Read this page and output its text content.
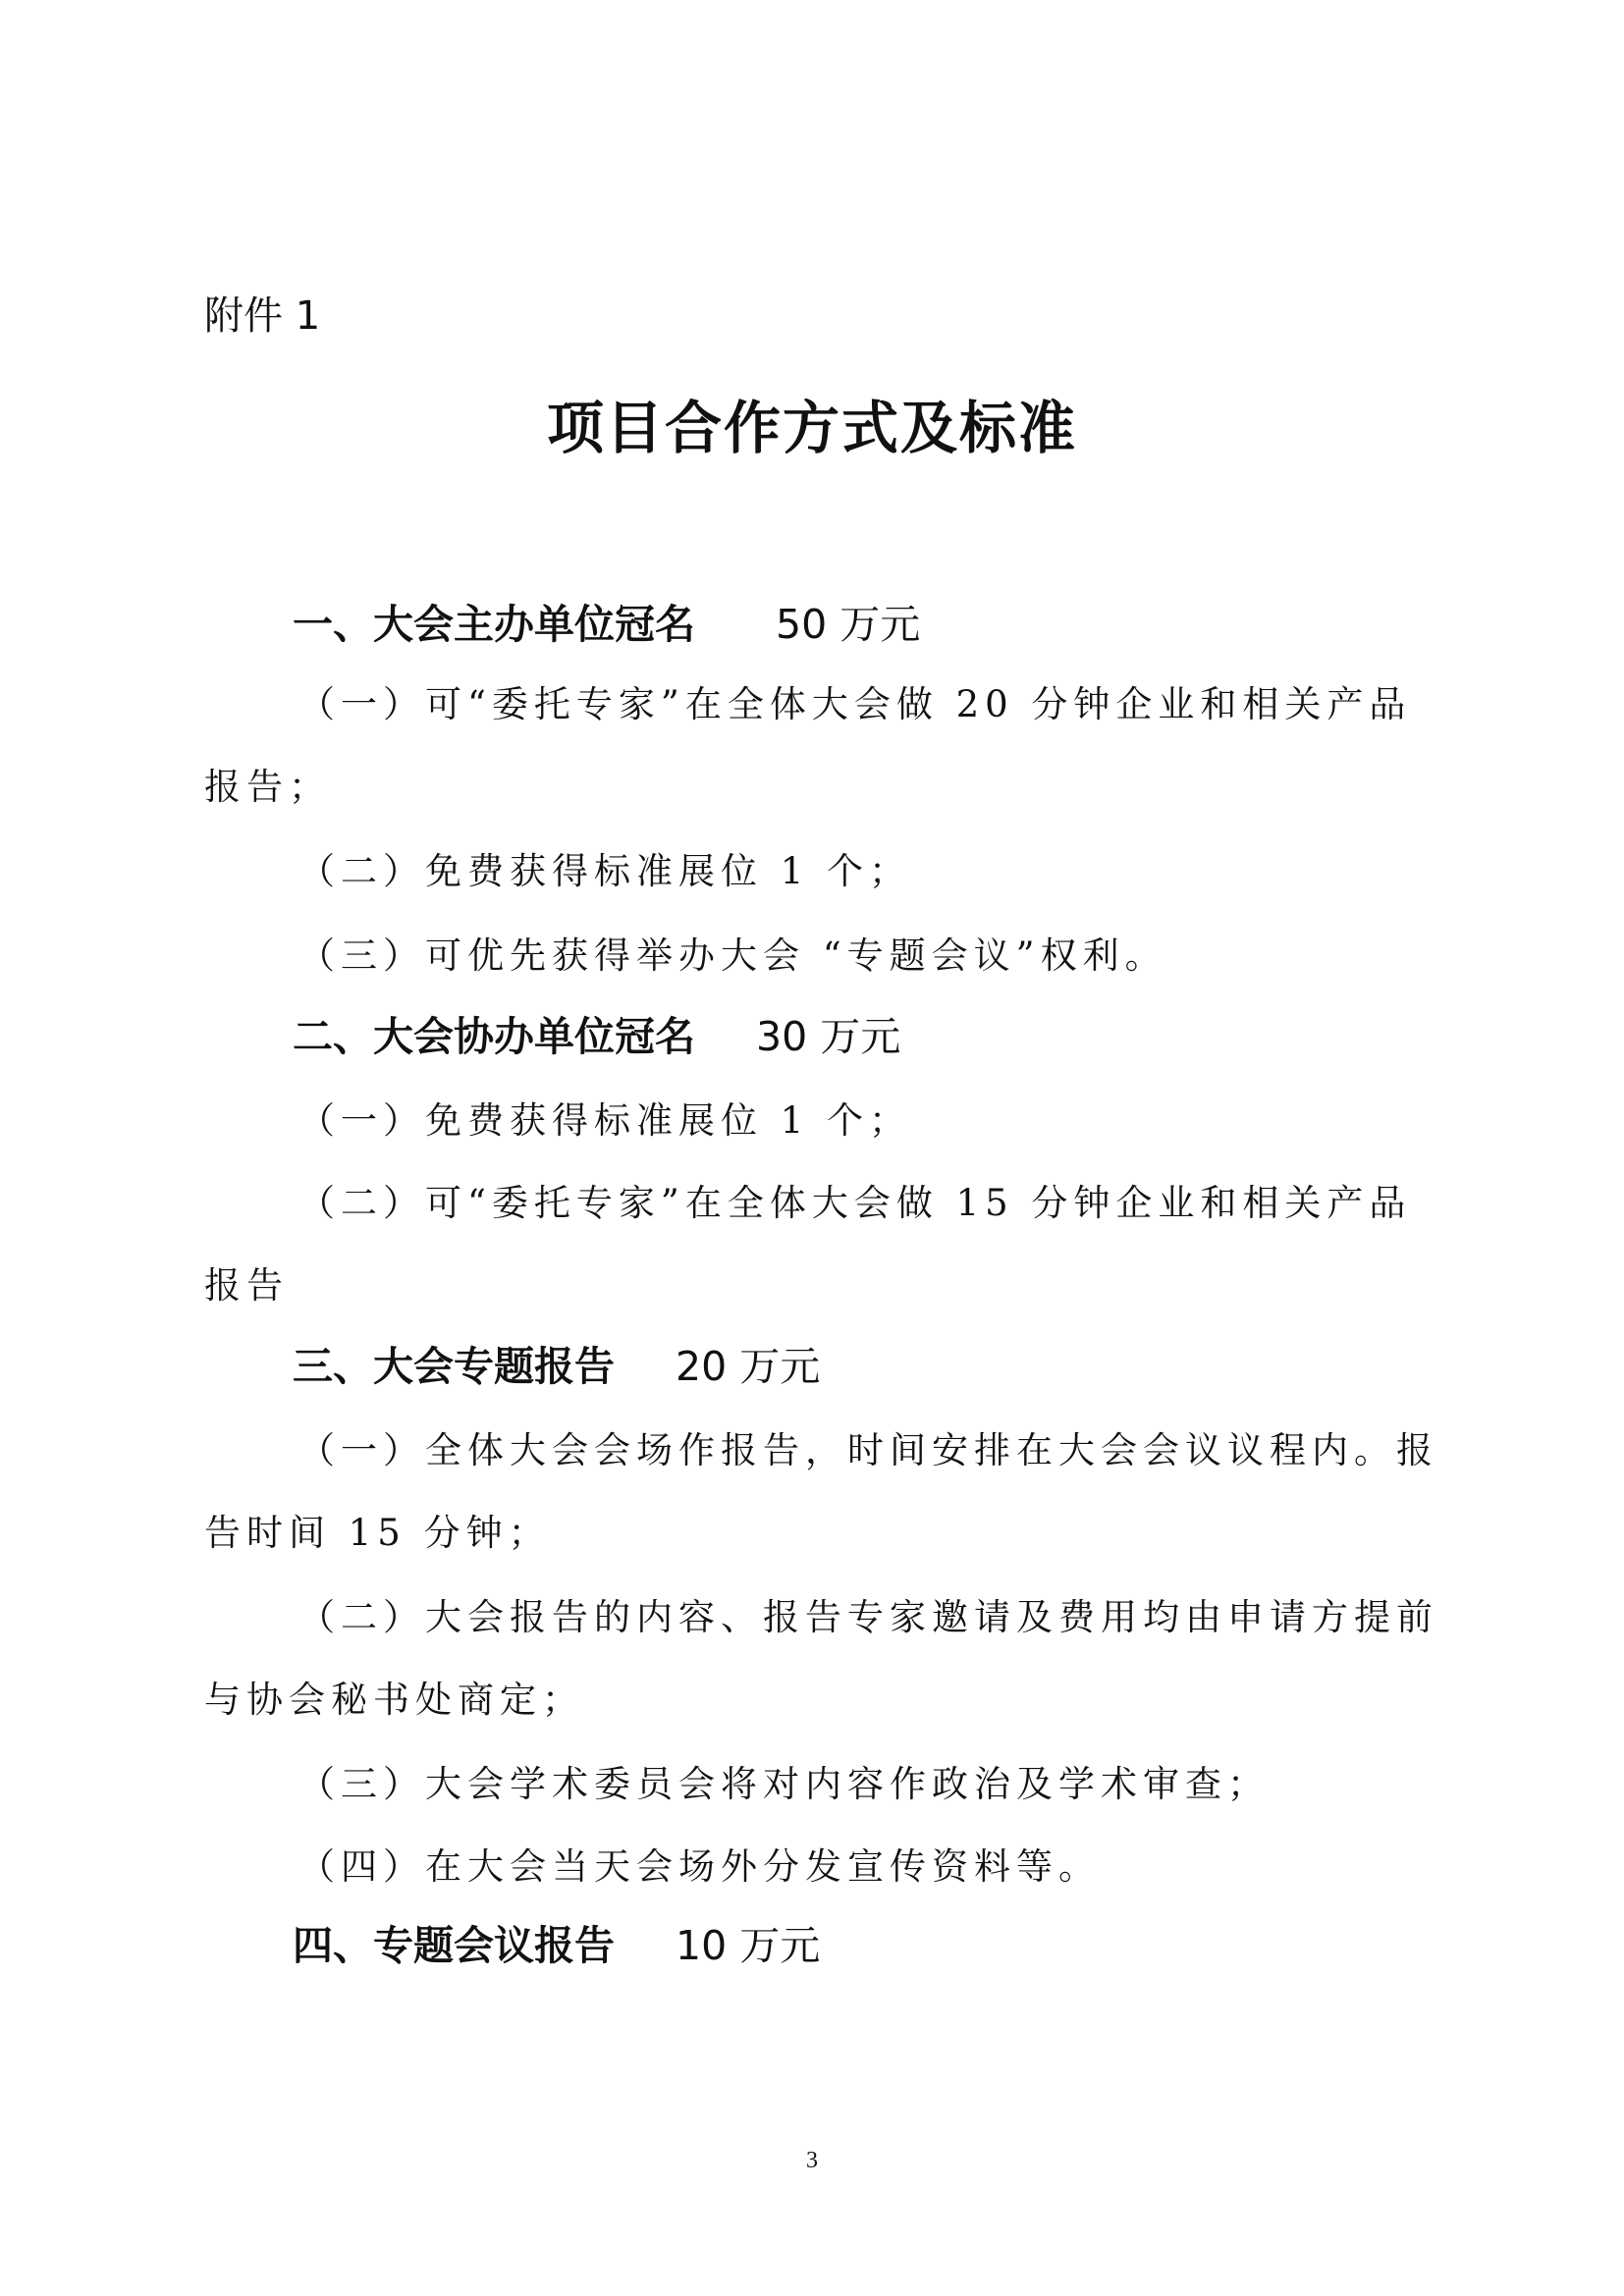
附件 1
项目合作方式及标准
一、大会主办单位冠名 50 万元
（一）可“委托专家”在全体大会做 20 分钟企业和相关产品报告；
（二）免费获得标准展位 1 个；
（三）可优先获得举办大会 “专题会议”权利。
二、大会协办单位冠名 30 万元
（一）免费获得标准展位 1 个；
（二）可“委托专家”在全体大会做 15 分钟企业和相关产品报告
三、大会专题报告 20 万元
（一）全体大会会场作报告，时间安排在大会会议议程内。报告时间 15 分钟；
（二）大会报告的内容、报告专家邀请及费用均由申请方提前与协会秘书处商定；
（三）大会学术委员会将对内容作政治及学术审查；
（四）在大会当天会场外分发宣传资料等。
四、专题会议报告 10 万元
3
